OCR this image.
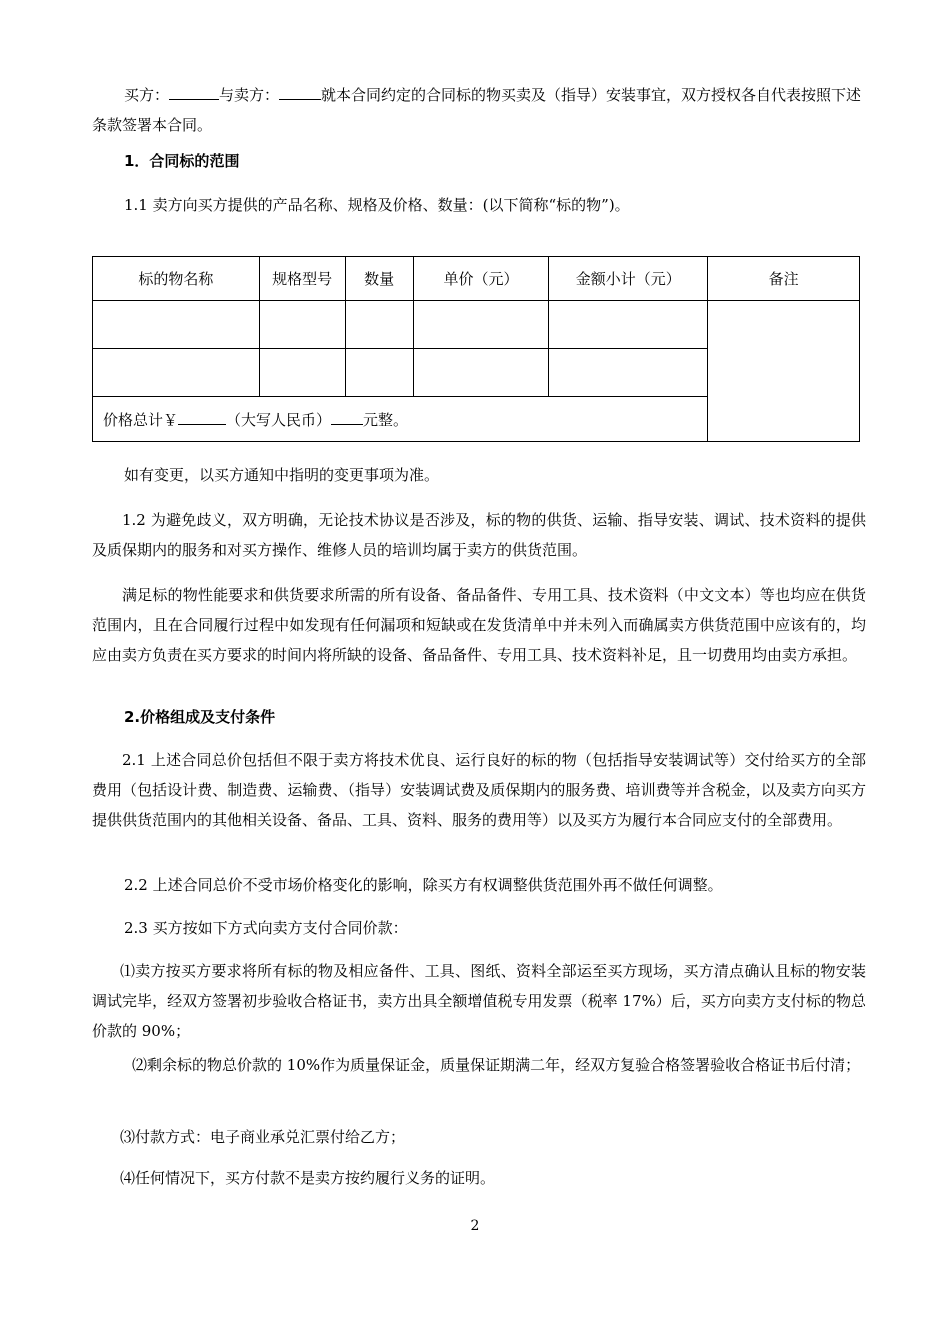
买方：	与卖方：	就本合同约定的合同标的物买卖及（指导）安装事宜，双方授权各自代表按照下述条款签署本合同。

1．合同标的范围

1.1 卖方向买方提供的产品名称、规格及价格、数量：(以下简称“标的物”)。

标的物名称	规格型号	数量	单价（元）	金额小计（元）	备注

价格总计￥ （大写人民币） 元整。					

如有变更，以买方通知中指明的变更事项为准。

1.2 为避免歧义，双方明确，无论技术协议是否涉及，标的物的供货、运输、指导安装、调试、技术资料的提供及质保期内的服务和对买方操作、维修人员的培训均属于卖方的供货范围。

满足标的物性能要求和供货要求所需的所有设备、备品备件、专用工具、技术资料（中文文本）等也均应在供货范围内，且在合同履行过程中如发现有任何漏项和短缺或在发货清单中并未列入而确属卖方供货范围中应该有的，均应由卖方负责在买方要求的时间内将所缺的设备、备品备件、专用工具、技术资料补足，且一切费用均由卖方承担。

2.价格组成及支付条件

2.1 上述合同总价包括但不限于卖方将技术优良、运行良好的标的物（包括指导安装调试等）交付给买方的全部费用（包括设计费、制造费、运输费、（指导）安装调试费及质保期内的服务费、培训费等并含税金，以及卖方向买方提供供货范围内的其他相关设备、备品、工具、资料、服务的费用等）以及买方为履行本合同应支付的全部费用。

2.2 上述合同总价不受市场价格变化的影响，除买方有权调整供货范围外再不做任何调整。

2.3 买方按如下方式向卖方支付合同价款：

⑴卖方按买方要求将所有标的物及相应备件、工具、图纸、资料全部运至买方现场，买方清点确认且标的物安装调试完毕，经双方签署初步验收合格证书，卖方出具全额增值税专用发票（税率 17%）后，买方向卖方支付标的物总价款的 90%；

⑵剩余标的物总价款的 10%作为质量保证金，质量保证期满二年，经双方复验合格签署验收合格证书后付清；

⑶付款方式：电子商业承兑汇票付给乙方；

⑷任何情况下，买方付款不是卖方按约履行义务的证明。

2
